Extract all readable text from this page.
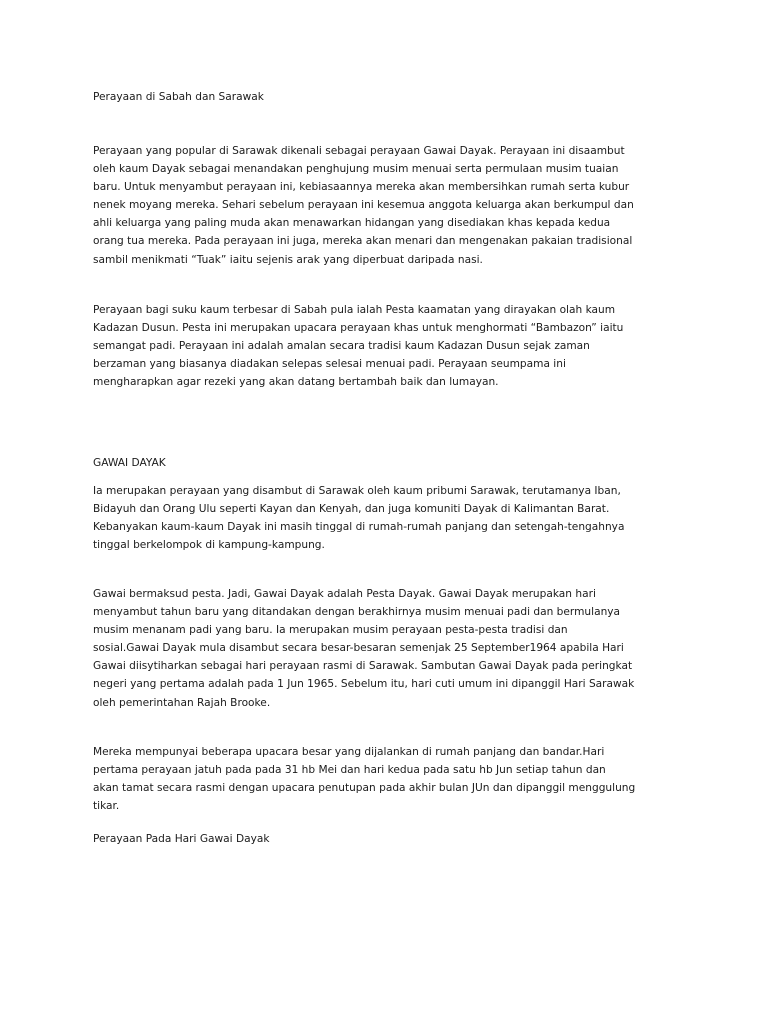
Perayaan di Sabah dan Sarawak

Perayaan yang popular di Sarawak dikenali sebagai perayaan Gawai Dayak. Perayaan ini disaambut
oleh kaum Dayak sebagai menandakan penghujung musim menuai serta permulaan musim tuaian
baru. Untuk menyambut perayaan ini, kebiasaannya mereka akan membersihkan rumah serta kubur
nenek moyang mereka. Sehari sebelum perayaan ini kesemua anggota keluarga akan berkumpul dan
ahli keluarga yang paling muda akan menawarkan hidangan yang disediakan khas kepada kedua
orang tua mereka. Pada perayaan ini juga, mereka akan menari dan mengenakan pakaian tradisional
sambil menikmati “Tuak” iaitu sejenis arak yang diperbuat daripada nasi.

Perayaan bagi suku kaum terbesar di Sabah pula ialah Pesta kaamatan yang dirayakan olah kaum
Kadazan Dusun. Pesta ini merupakan upacara perayaan khas untuk menghormati “Bambazon” iaitu
semangat padi. Perayaan ini adalah amalan secara tradisi kaum Kadazan Dusun sejak zaman
berzaman yang biasanya diadakan selepas selesai menuai padi. Perayaan seumpama ini
mengharapkan agar rezeki yang akan datang bertambah baik dan lumayan.

GAWAI DAYAK

Ia merupakan perayaan yang disambut di Sarawak oleh kaum pribumi Sarawak, terutamanya Iban,
Bidayuh dan Orang Ulu seperti Kayan dan Kenyah, dan juga komuniti Dayak di Kalimantan Barat.
Kebanyakan kaum-kaum Dayak ini masih tinggal di rumah-rumah panjang dan setengah-tengahnya
tinggal berkelompok di kampung-kampung.

Gawai bermaksud pesta. Jadi, Gawai Dayak adalah Pesta Dayak. Gawai Dayak merupakan hari
menyambut tahun baru yang ditandakan dengan berakhirnya musim menuai padi dan bermulanya
musim menanam padi yang baru. Ia merupakan musim perayaan pesta-pesta tradisi dan
sosial.Gawai Dayak mula disambut secara besar-besaran semenjak 25 September1964 apabila Hari
Gawai diisytiharkan sebagai hari perayaan rasmi di Sarawak. Sambutan Gawai Dayak pada peringkat
negeri yang pertama adalah pada 1 Jun 1965. Sebelum itu, hari cuti umum ini dipanggil Hari Sarawak
oleh pemerintahan Rajah Brooke.

Mereka mempunyai beberapa upacara besar yang dijalankan di rumah panjang dan bandar.Hari
pertama perayaan jatuh pada pada 31 hb Mei dan hari kedua pada satu hb Jun setiap tahun dan
akan tamat secara rasmi dengan upacara penutupan pada akhir bulan JUn dan dipanggil menggulung
tikar.

Perayaan Pada Hari Gawai Dayak
